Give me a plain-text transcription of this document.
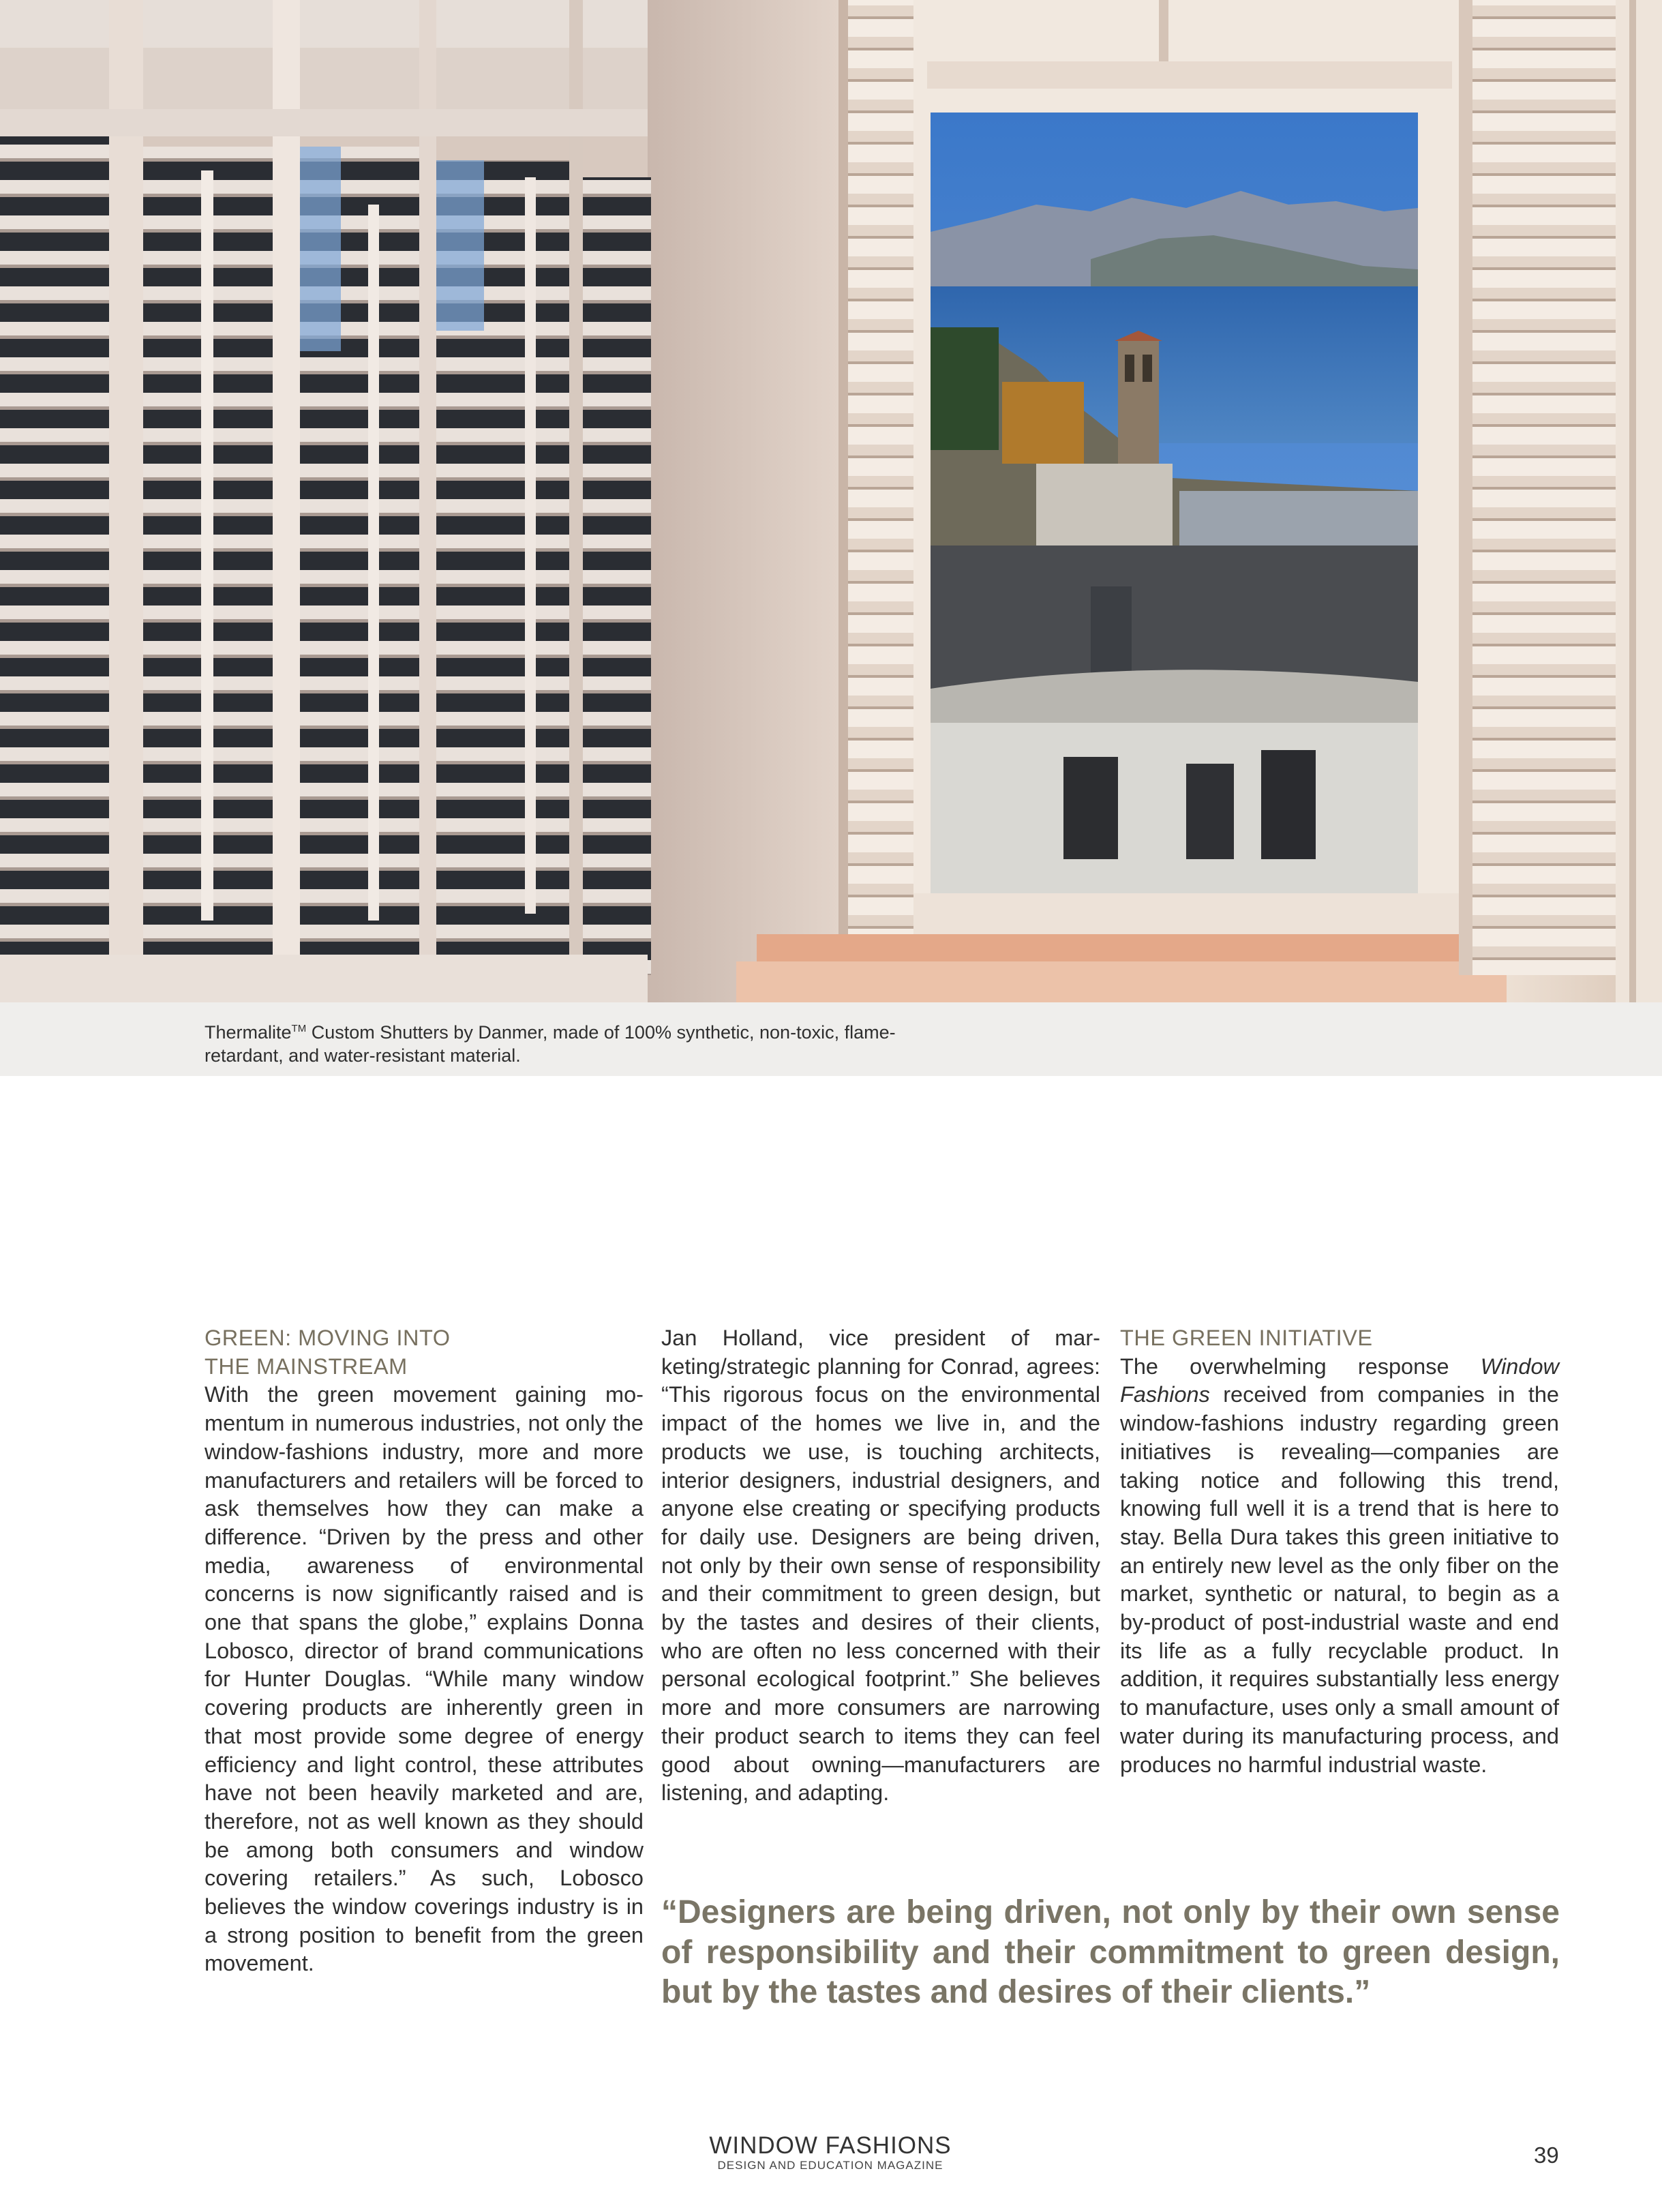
Thermalite™ Custom Shutters by Danmer, made of 100% synthetic, non-toxic, flame-
retardant, and water-resistant material.

GREEN: MOVING INTO
THE MAINSTREAM

With the green movement gaining momentum in numerous industries, not only the window-fashions industry, more and more manufacturers and retailers will be forced to ask themselves how they can make a difference. “Driven by the press and other media, awareness of environmental concerns is now significantly raised and is one that spans the globe,” explains Donna Lobosco, director of brand communications for Hunter Douglas. “While many window covering products are inherently green in that most provide some degree of energy efficiency and light control, these attributes have not been heavily marketed and are, therefore, not as well known as they should be among both consumers and window covering retailers.” As such, Lobosco believes the window coverings industry is in a strong position to benefit from the green movement.

Jan Holland, vice president of marketing/strategic planning for Conrad, agrees: “This rigorous focus on the environmental impact of the homes we live in, and the products we use, is touching architects, interior designers, industrial designers, and anyone else creating or specifying products for daily use. Designers are being driven, not only by their own sense of responsibility and their commitment to green design, but by the tastes and desires of their clients, who are often no less concerned with their personal ecological footprint.” She believes more and more consumers are narrowing their product search to items they can feel good about owning—manufacturers are listening, and adapting.

THE GREEN INITIATIVE

The overwhelming response Window Fashions received from companies in the window-fashions industry regarding green initiatives is revealing—companies are taking notice and following this trend, knowing full well it is a trend that is here to stay. Bella Dura takes this green initiative to an entirely new level as the only fiber on the market, synthetic or natural, to begin as a by-product of post-industrial waste and end its life as a fully recyclable product. In addition, it requires substantially less energy to manufacture, uses only a small amount of water during its manufacturing process, and produces no harmful industrial waste.

“Designers are being driven, not only by their own sense of responsibility and their commitment to green design, but by the tastes and desires of their clients.”
WINDOW FASHIONS
DESIGN AND EDUCATION MAGAZINE	39
